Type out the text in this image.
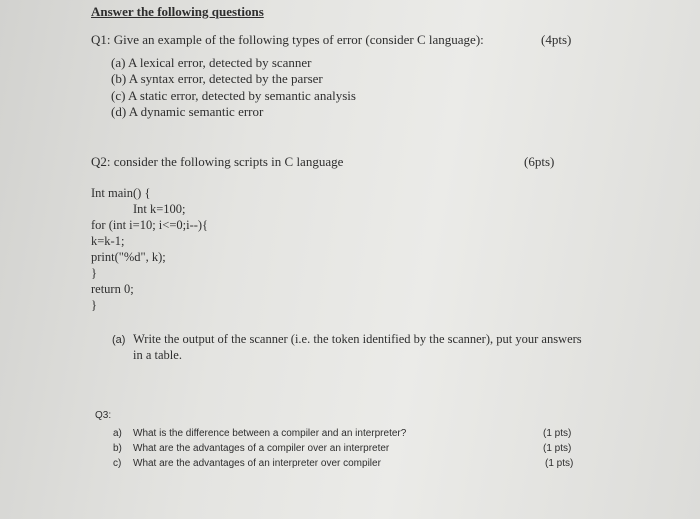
Answer the following questions
Q1: Give an example of the following types of error (consider C language):	(4pts)
(a) A lexical error, detected by scanner
(b) A syntax error, detected by the parser
(c) A static error, detected by semantic analysis
(d) A dynamic semantic error
Q2: consider the following scripts in C language	(6pts)
Int main() {
Int k=100;
for (int i=10; i<=0;i--){
k=k-1;
print("%d", k);
}
return 0;
}
(a) Write the output of the scanner (i.e. the token identified by the scanner), put your answers
in a table.
Q3:
a) What is the difference between a compiler and an interpreter?	(1 pts)
b) What are the advantages of a compiler over an interpreter	(1 pts)
c) What are the advantages of an interpreter over compiler	(1 pts)
